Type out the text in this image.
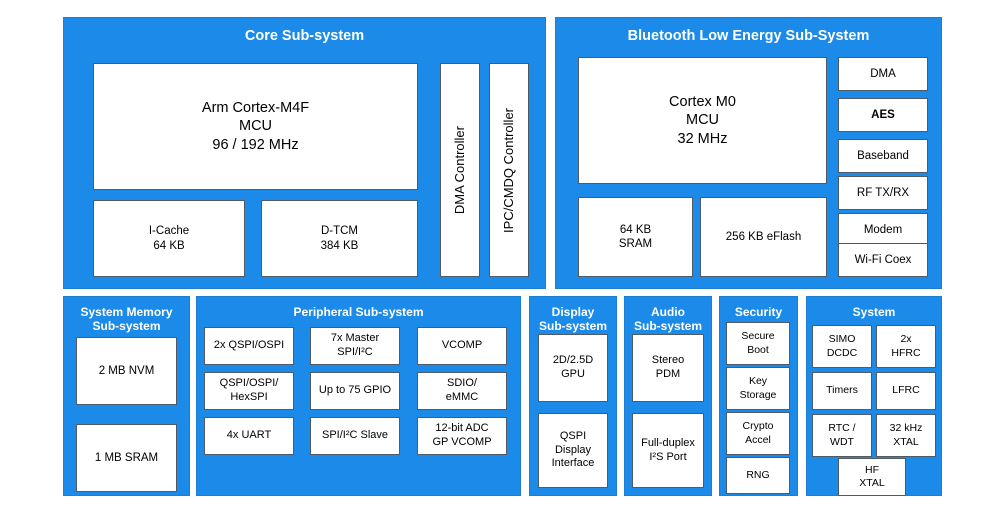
Core Sub-system
Arm Cortex-M4F
MCU
96 / 192 MHz
I-Cache
64 KB
D-TCM
384 KB
DMA Controller	IPC/CMDQ Controller
Bluetooth Low Energy Sub-System
Cortex M0
MCU
32 MHz
64 KB
SRAM
256 KB eFlash
DMA
AES
Baseband
RF TX/RX
Modem
Wi-Fi Coex
System Memory
Sub-system
2 MB NVM
1 MB SRAM
Peripheral Sub-system
2x QSPI/OSPI
7x Master
SPI/I²C
VCOMP
QSPI/OSPI/
HexSPI
Up to 75 GPIO
SDIO/
eMMC
4x UART	SPI/I²C Slave
12-bit ADC
GP VCOMP
Display
Sub-system
2D/2.5D
GPU
QSPI
Display
Interface
Audio
Sub-system
Stereo
PDM
Full-duplex
I²S Port
Security
Secure
Boot
Key
Storage
Crypto
Accel
RNG
System
SIMO
DCDC
2x
HFRC
Timers	LFRC
RTC /
WDT
32 kHz
XTAL
HF
XTAL
